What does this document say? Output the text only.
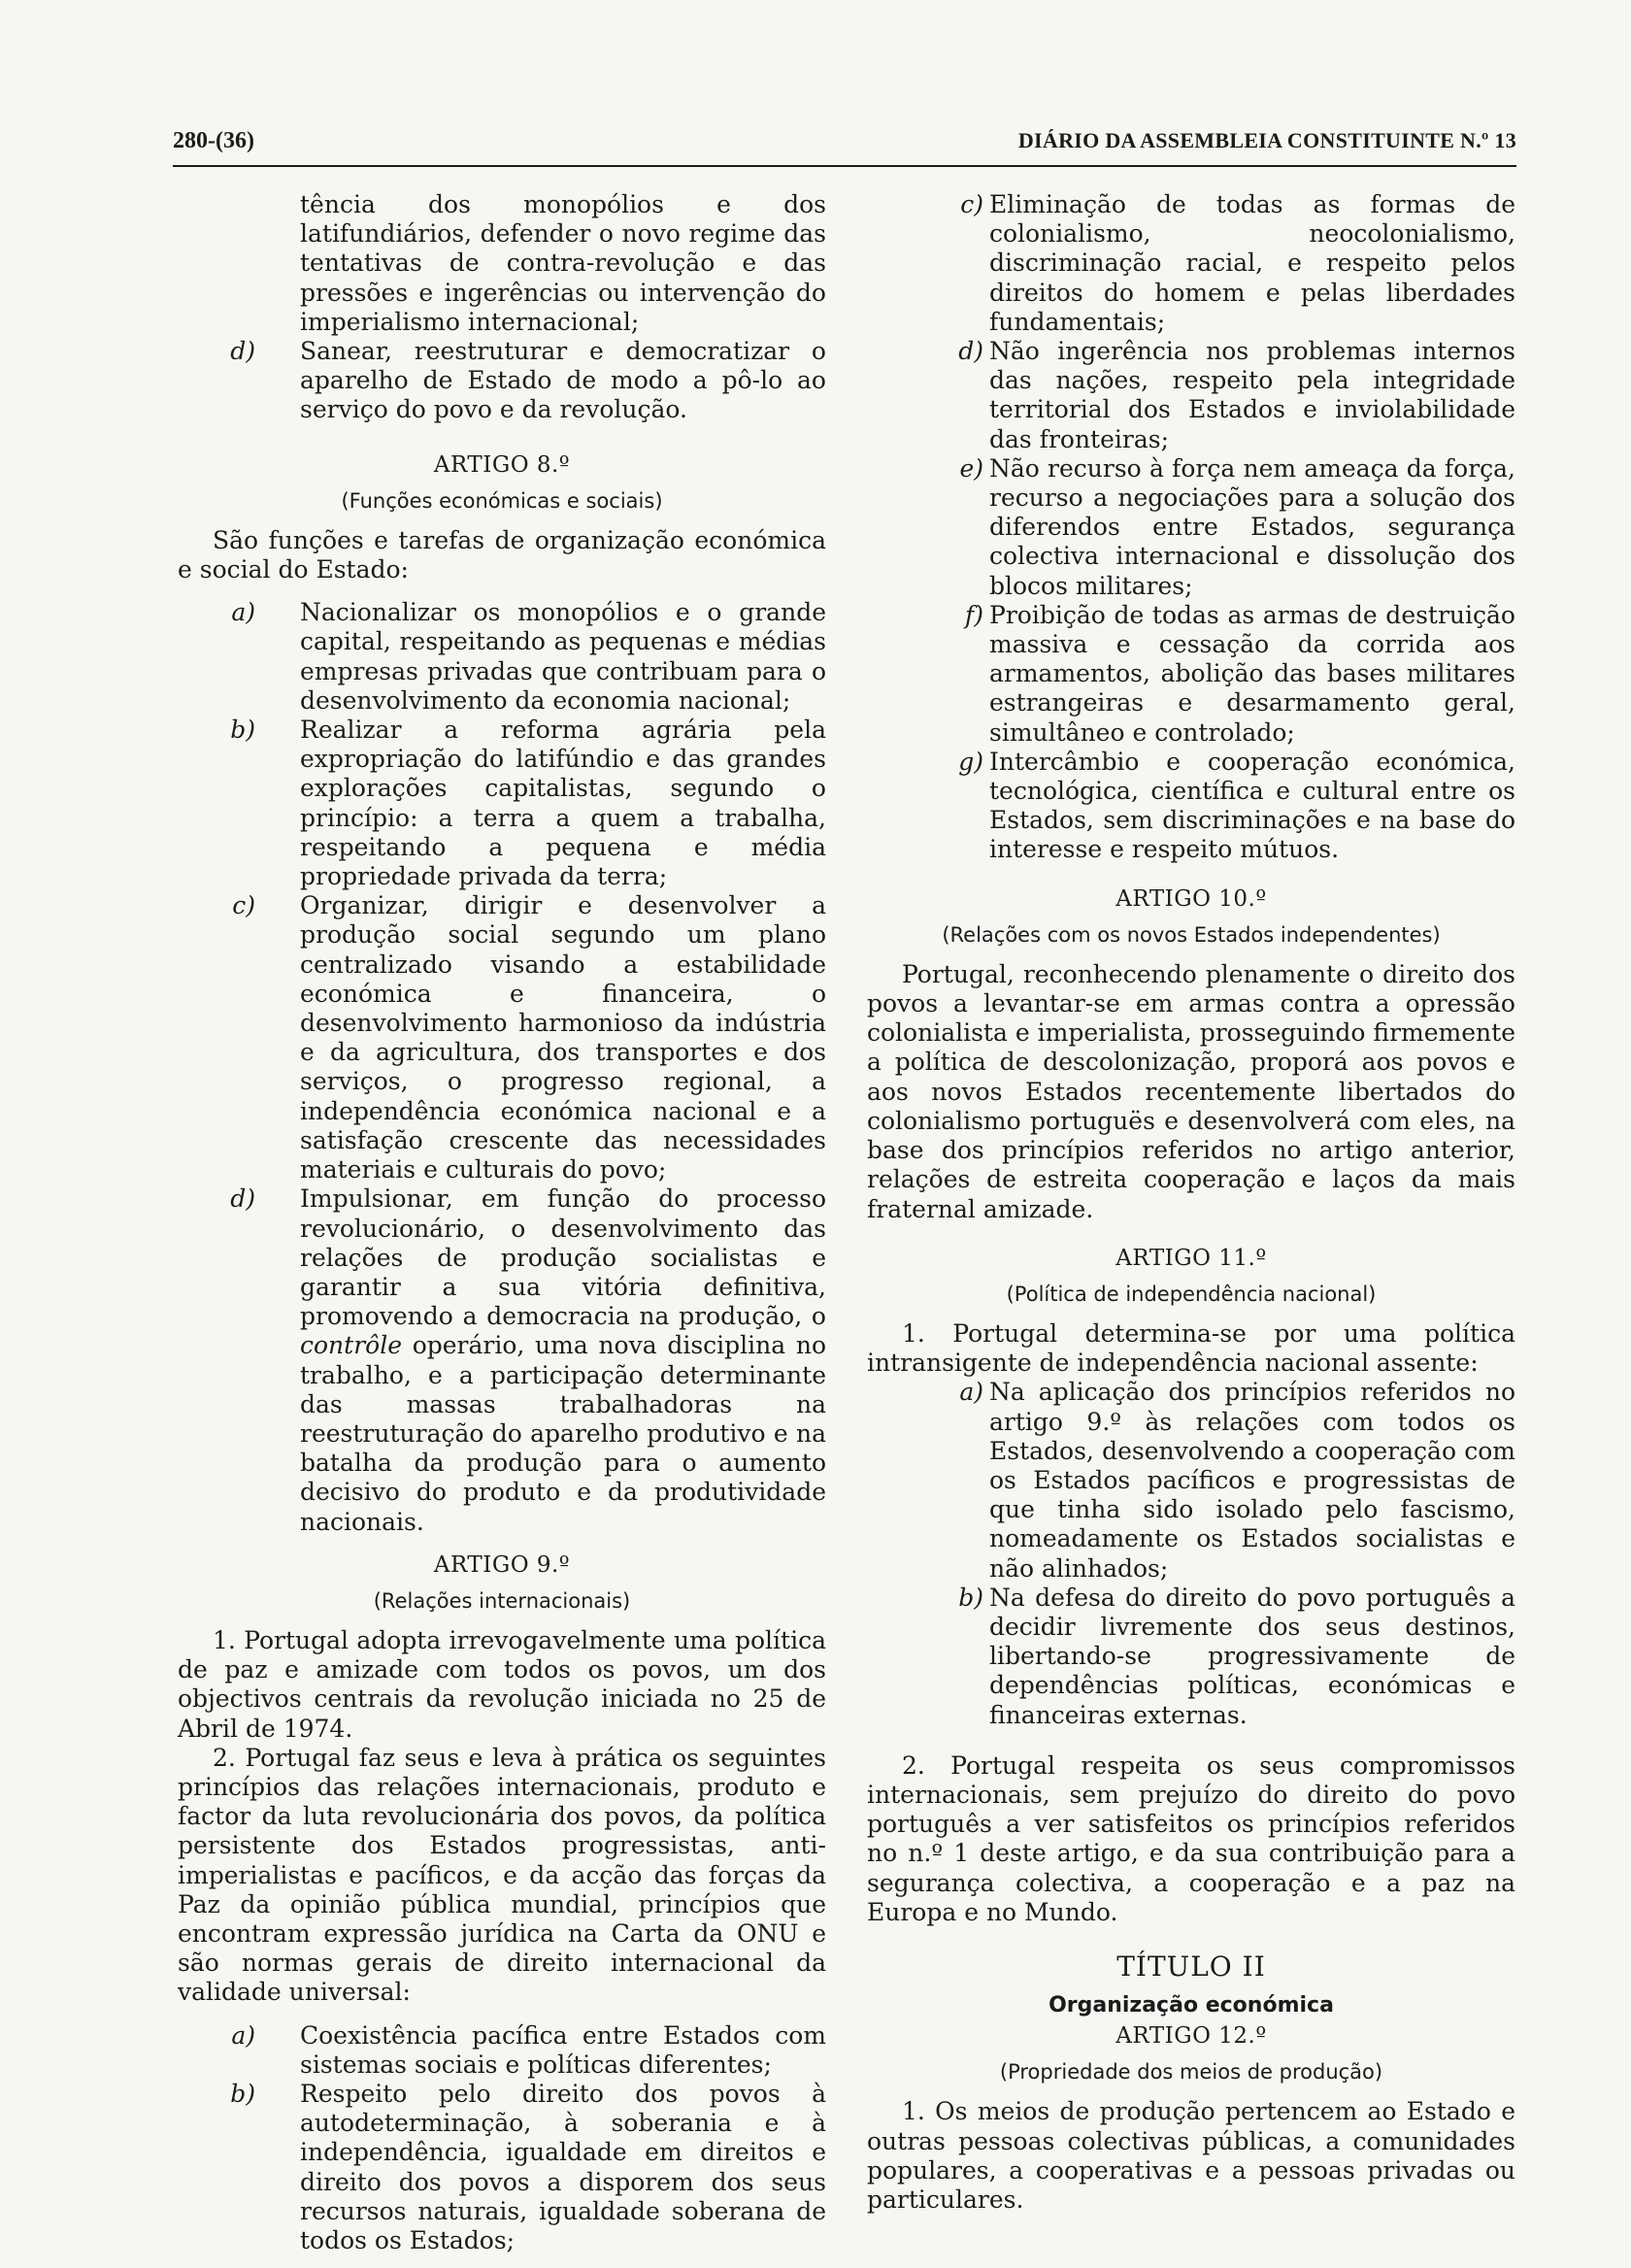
280-(36)	DIÁRIO DA ASSEMBLEIA CONSTITUINTE N.º 13

tência dos monopólios e dos latifundiários, defender o novo regime das tentativas de contra-revolução e das pressões e ingerências ou intervenção do imperialismo internacional;

d) Sanear, reestruturar e democratizar o aparelho de Estado de modo a pô-lo ao serviço do povo e da revolução.
ARTIGO 8.º
(Funções económicas e sociais)

São funções e tarefas de organização económica e social do Estado:

a) Nacionalizar os monopólios e o grande capital, respeitando as pequenas e médias empresas privadas que contribuam para o desenvolvimento da economia nacional;
b) Realizar a reforma agrária pela expropriação do latifúndio e das grandes explorações capitalistas, segundo o princípio: a terra a quem a trabalha, respeitando a pequena e média propriedade privada da terra;
c) Organizar, dirigir e desenvolver a produção social segundo um plano centralizado visando a estabilidade económica e financeira, o desenvolvimento harmonioso da indústria e da agricultura, dos transportes e dos serviços, o progresso regional, a independência económica nacional e a satisfação crescente das necessidades materiais e culturais do povo;
d) Impulsionar, em função do processo revolucionário, o desenvolvimento das relações de produção socialistas e garantir a sua vitória definitiva, promovendo a democracia na produção, o contrôle operário, uma nova disciplina no trabalho, e a participação determinante das massas trabalhadoras na reestruturação do aparelho produtivo e na batalha da produção para o aumento decisivo do produto e da produtividade nacionais.
ARTIGO 9.º
(Relações internacionais)

1. Portugal adopta irrevogavelmente uma política de paz e amizade com todos os povos, um dos objectivos centrais da revolução iniciada no 25 de Abril de 1974.

2. Portugal faz seus e leva à prática os seguintes princípios das relações internacionais, produto e factor da luta revolucionária dos povos, da política persistente dos Estados progressistas, anti-imperialistas e pacíficos, e da acção das forças da Paz da opinião pública mundial, princípios que encontram expressão jurídica na Carta da ONU e são normas gerais de direito internacional da validade universal:

a) Coexistência pacífica entre Estados com sistemas sociais e políticas diferentes;
b) Respeito pelo direito dos povos à autodeterminação, à soberania e à independência, igualdade em direitos e direito dos povos a disporem dos seus recursos naturais, igualdade soberana de todos os Estados;
c) Eliminação de todas as formas de colonialismo, neocolonialismo, discriminação racial, e respeito pelos direitos do homem e pelas liberdades fundamentais;
d) Não ingerência nos problemas internos das nações, respeito pela integridade territorial dos Estados e inviolabilidade das fronteiras;
e) Não recurso à força nem ameaça da força, recurso a negociações para a solução dos diferendos entre Estados, segurança colectiva internacional e dissolução dos blocos militares;
f) Proibição de todas as armas de destruição massiva e cessação da corrida aos armamentos, abolição das bases militares estrangeiras e desarmamento geral, simultâneo e controlado;
g) Intercâmbio e cooperação económica, tecnológica, científica e cultural entre os Estados, sem discriminações e na base do interesse e respeito mútuos.
ARTIGO 10.º
(Relações com os novos Estados independentes)

Portugal, reconhecendo plenamente o direito dos povos a levantar-se em armas contra a opressão colonialista e imperialista, prosseguindo firmemente a política de descolonização, proporá aos povos e aos novos Estados recentemente libertados do colonialismo portuguës e desenvolverá com eles, na base dos princípios referidos no artigo anterior, relações de estreita cooperação e laços da mais fraternal amizade.

ARTIGO 11.º
(Política de independência nacional)

1. Portugal determina-se por uma política intransigente de independência nacional assente:

a) Na aplicação dos princípios referidos no artigo 9.º às relações com todos os Estados, desenvolvendo a cooperação com os Estados pacíficos e progressistas de que tinha sido isolado pelo fascismo, nomeadamente os Estados socialistas e não alinhados;
b) Na defesa do direito do povo português a decidir livremente dos seus destinos, libertando-se progressivamente de dependências políticas, económicas e financeiras externas.

2. Portugal respeita os seus compromissos internacionais, sem prejuízo do direito do povo português a ver satisfeitos os princípios referidos no n.º 1 deste artigo, e da sua contribuição para a segurança colectiva, a cooperação e a paz na Europa e no Mundo.

TÍTULO II
Organização económica
ARTIGO 12.º
(Propriedade dos meios de produção)

1. Os meios de produção pertencem ao Estado e outras pessoas colectivas públicas, a comunidades populares, a cooperativas e a pessoas privadas ou particulares.
